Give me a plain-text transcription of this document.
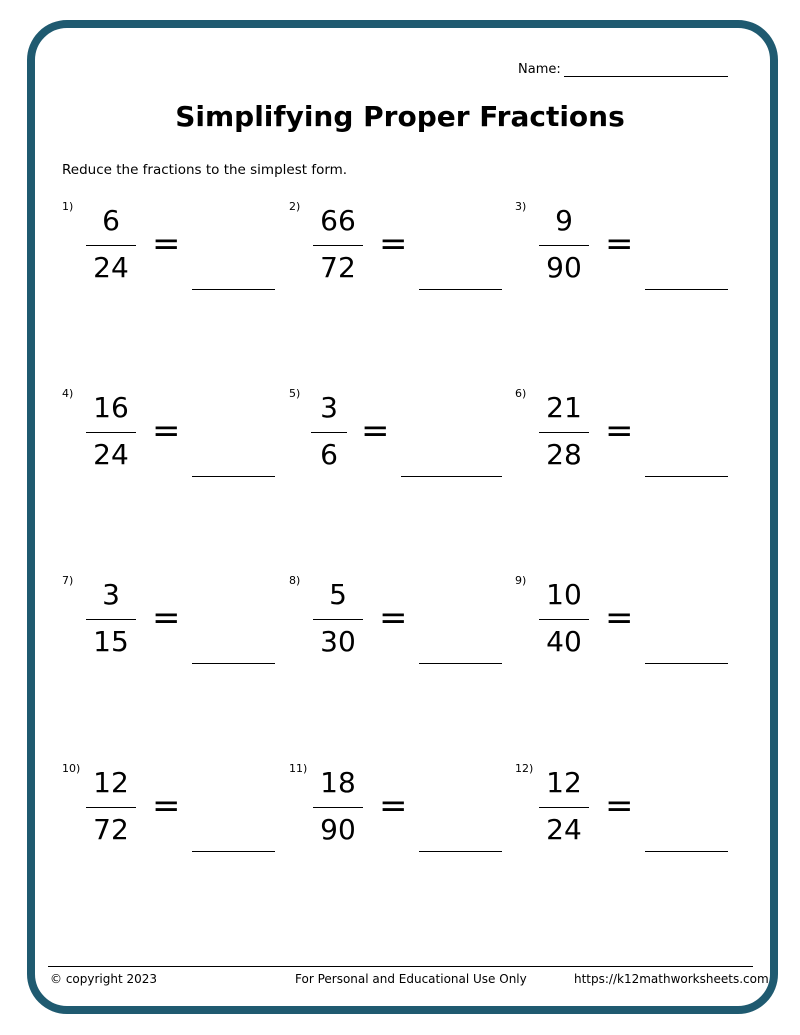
Name:
Simplifying Proper Fractions
Reduce the fractions to the simplest form.
1)	6
24
=
2) 66
72
=
3)	9
90
=
4) 16
24
=
5) 3
6
=
6) 21
28
=
7)	3
15
=
8)	5
30
=
9) 10
40
=
10) 12
72
=
11) 18
90
=
12) 12
24
=
© copyright 2023	For Personal and Educational Use Only	https://k12mathworksheets.com
